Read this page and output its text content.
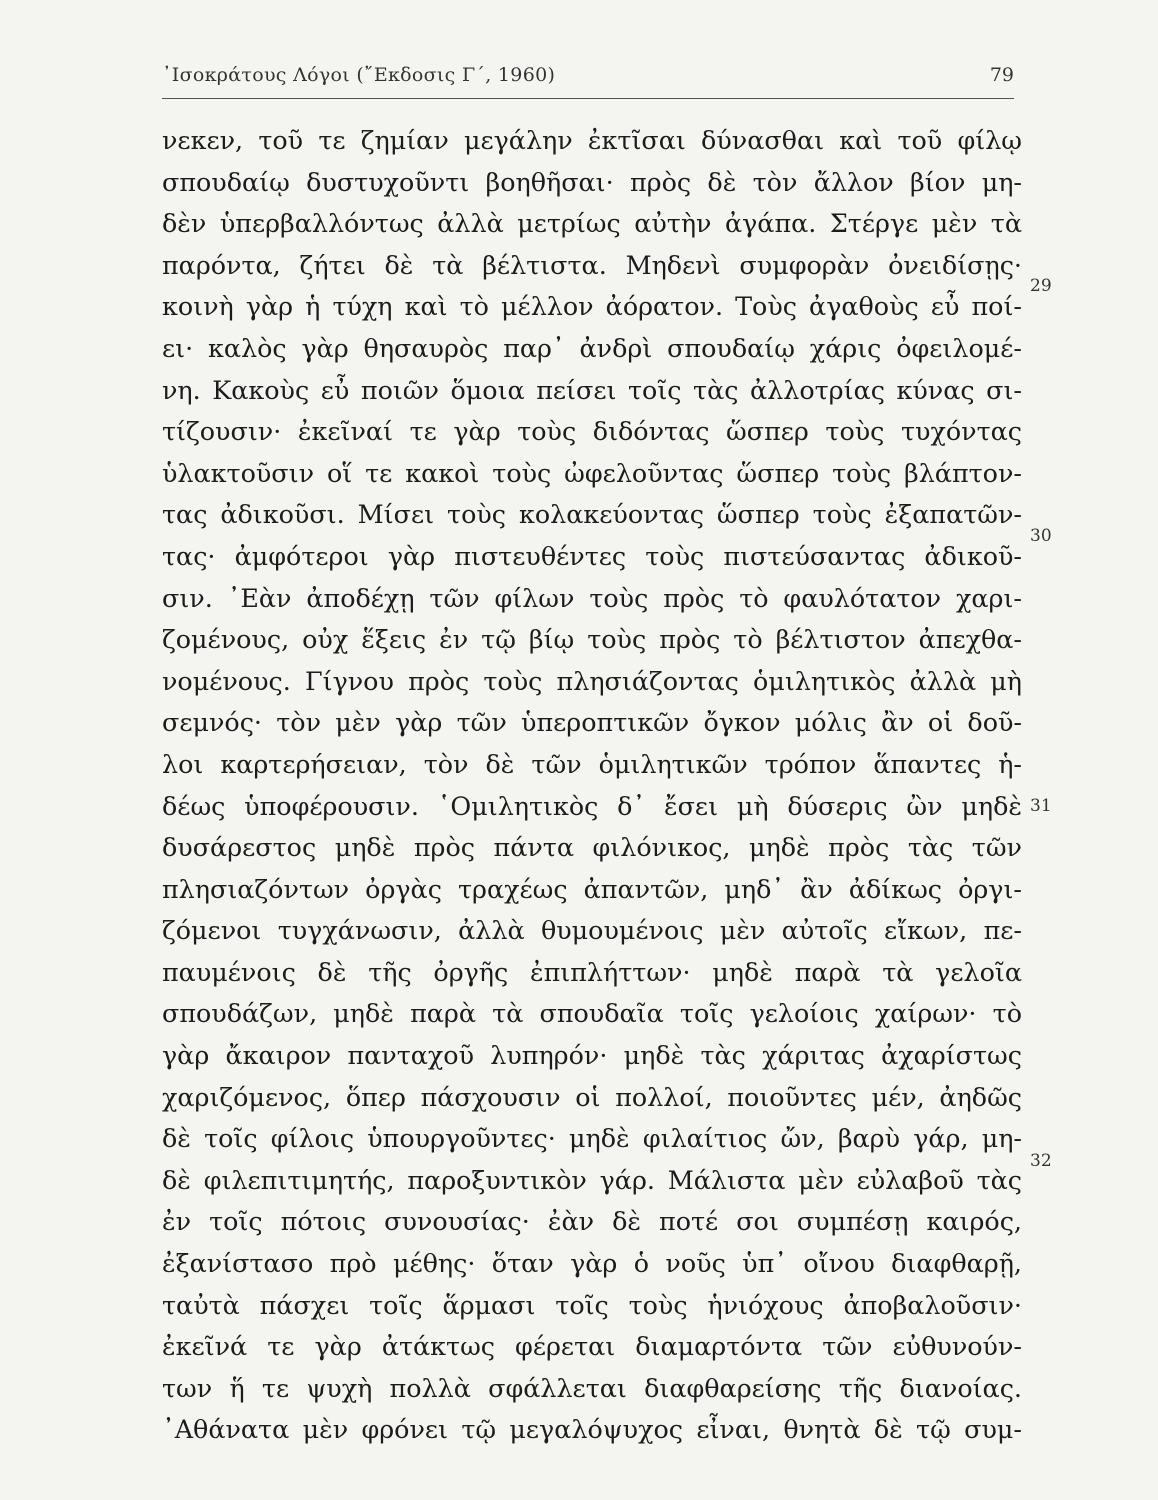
᾿Ισοκράτους Λόγοι (῎Εκδοσις Γ΄, 1960)	79
νεκεν, τοῦ τε ζημίαν μεγάλην ἐκτῖσαι δύνασθαι καὶ τοῦ φίλῳ
σπουδαίῳ δυστυχοῦντι βοηθῆσαι· πρὸς δὲ τὸν ἄλλον βίον μη-
δὲν ὑπερβαλλόντως ἀλλὰ μετρίως αὐτὴν ἀγάπα. Στέργε μὲν τὰ
παρόντα, ζήτει δὲ τὰ βέλτιστα. Μηδενὶ συμφορὰν ὀνειδίσῃς·
κοινὴ γὰρ ἡ τύχη καὶ τὸ μέλλον ἀόρατον. Τοὺς ἀγαθοὺς εὖ ποί-
ει· καλὸς γὰρ θησαυρὸς παρ᾿ ἀνδρὶ σπουδαίῳ χάρις ὀφειλομέ-
νη. Κακοὺς εὖ ποιῶν ὅμοια πείσει τοῖς τὰς ἀλλοτρίας κύνας σι-
τίζουσιν· ἐκεῖναί τε γὰρ τοὺς διδόντας ὥσπερ τοὺς τυχόντας
ὑλακτοῦσιν οἵ τε κακοὶ τοὺς ὠφελοῦντας ὥσπερ τοὺς βλάπτον-
τας ἀδικοῦσι. Μίσει τοὺς κολακεύοντας ὥσπερ τοὺς ἐξαπατῶν-
τας· ἀμφότεροι γὰρ πιστευθέντες τοὺς πιστεύσαντας ἀδικοῦ-
σιν. ᾿Εὰν ἀποδέχῃ τῶν φίλων τοὺς πρὸς τὸ φαυλότατον χαρι-
ζομένους, οὐχ ἕξεις ἐν τῷ βίῳ τοὺς πρὸς τὸ βέλτιστον ἀπεχθα-
νομένους. Γίγνου πρὸς τοὺς πλησιάζοντας ὁμιλητικὸς ἀλλὰ μὴ
σεμνός· τὸν μὲν γὰρ τῶν ὑπεροπτικῶν ὄγκον μόλις ἂν οἱ δοῦ-
λοι καρτερήσειαν, τὸν δὲ τῶν ὁμιλητικῶν τρόπον ἅπαντες ἡ-
δέως ὑποφέρουσιν. ῾Ομιλητικὸς δ᾿ ἔσει μὴ δύσερις ὢν μηδὲ
δυσάρεστος μηδὲ πρὸς πάντα φιλόνικος, μηδὲ πρὸς τὰς τῶν
πλησιαζόντων ὀργὰς τραχέως ἀπαντῶν, μηδ᾿ ἂν ἀδίκως ὀργι-
ζόμενοι τυγχάνωσιν, ἀλλὰ θυμουμένοις μὲν αὐτοῖς εἴκων, πε-
παυμένοις δὲ τῆς ὀργῆς ἐπιπλήττων· μηδὲ παρὰ τὰ γελοῖα
σπουδάζων, μηδὲ παρὰ τὰ σπουδαῖα τοῖς γελοίοις χαίρων· τὸ
γὰρ ἄκαιρον πανταχοῦ λυπηρόν· μηδὲ τὰς χάριτας ἀχαρίστως
χαριζόμενος, ὅπερ πάσχουσιν οἱ πολλοί, ποιοῦντες μέν, ἀηδῶς
δὲ τοῖς φίλοις ὑπουργοῦντες· μηδὲ φιλαίτιος ὤν, βαρὺ γάρ, μη-
δὲ φιλεπιτιμητής, παροξυντικὸν γάρ. Μάλιστα μὲν εὐλαβοῦ τὰς
ἐν τοῖς πότοις συνουσίας· ἐὰν δὲ ποτέ σοι συμπέσῃ καιρός,
ἐξανίστασο πρὸ μέθης· ὅταν γὰρ ὁ νοῦς ὑπ᾿ οἴνου διαφθαρῇ,
ταὐτὰ πάσχει τοῖς ἅρμασι τοῖς τοὺς ἡνιόχους ἀποβαλοῦσιν·
ἐκεῖνά τε γὰρ ἀτάκτως φέρεται διαμαρτόντα τῶν εὐθυνούν-
των ἥ τε ψυχὴ πολλὰ σφάλλεται διαφθαρείσης τῆς διανοίας.
᾿Αθάνατα μὲν φρόνει τῷ μεγαλόψυχος εἶναι, θνητὰ δὲ τῷ συμ-
29
30
31
32
